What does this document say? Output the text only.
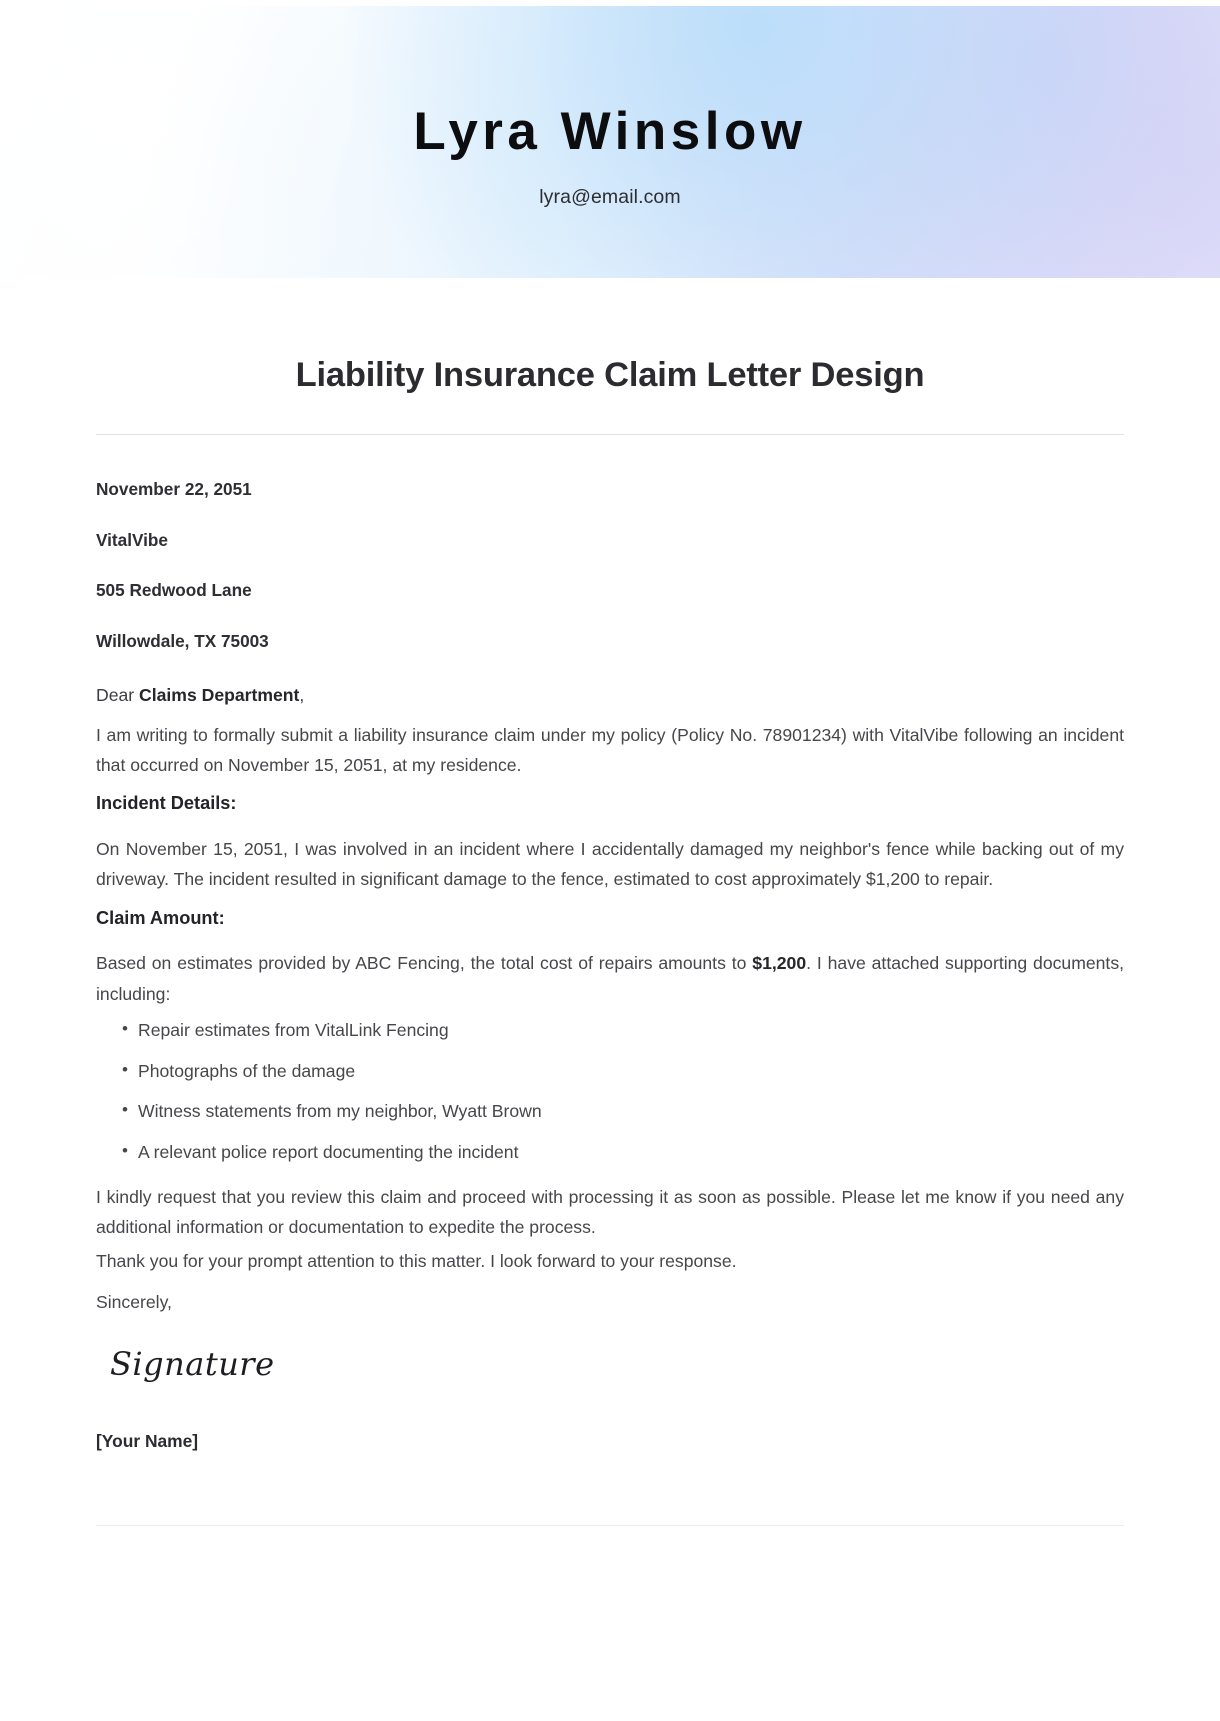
Lyra Winslow

lyra@email.com

Liability Insurance Claim Letter Design

November 22, 2051

VitalVibe

505 Redwood Lane

Willowdale, TX 75003

Dear Claims Department,

I am writing to formally submit a liability insurance claim under my policy (Policy No. 78901234) with VitalVibe following an incident that occurred on November 15, 2051, at my residence.

Incident Details:

On November 15, 2051, I was involved in an incident where I accidentally damaged my neighbor's fence while backing out of my driveway. The incident resulted in significant damage to the fence, estimated to cost approximately $1,200 to repair.

Claim Amount:

Based on estimates provided by ABC Fencing, the total cost of repairs amounts to $1,200. I have attached supporting documents, including:

• Repair estimates from VitalLink Fencing
• Photographs of the damage
• Witness statements from my neighbor, Wyatt Brown
• A relevant police report documenting the incident

I kindly request that you review this claim and proceed with processing it as soon as possible. Please let me know if you need any additional information or documentation to expedite the process.

Thank you for your prompt attention to this matter. I look forward to your response.

Sincerely,

Signature

[Your Name]
